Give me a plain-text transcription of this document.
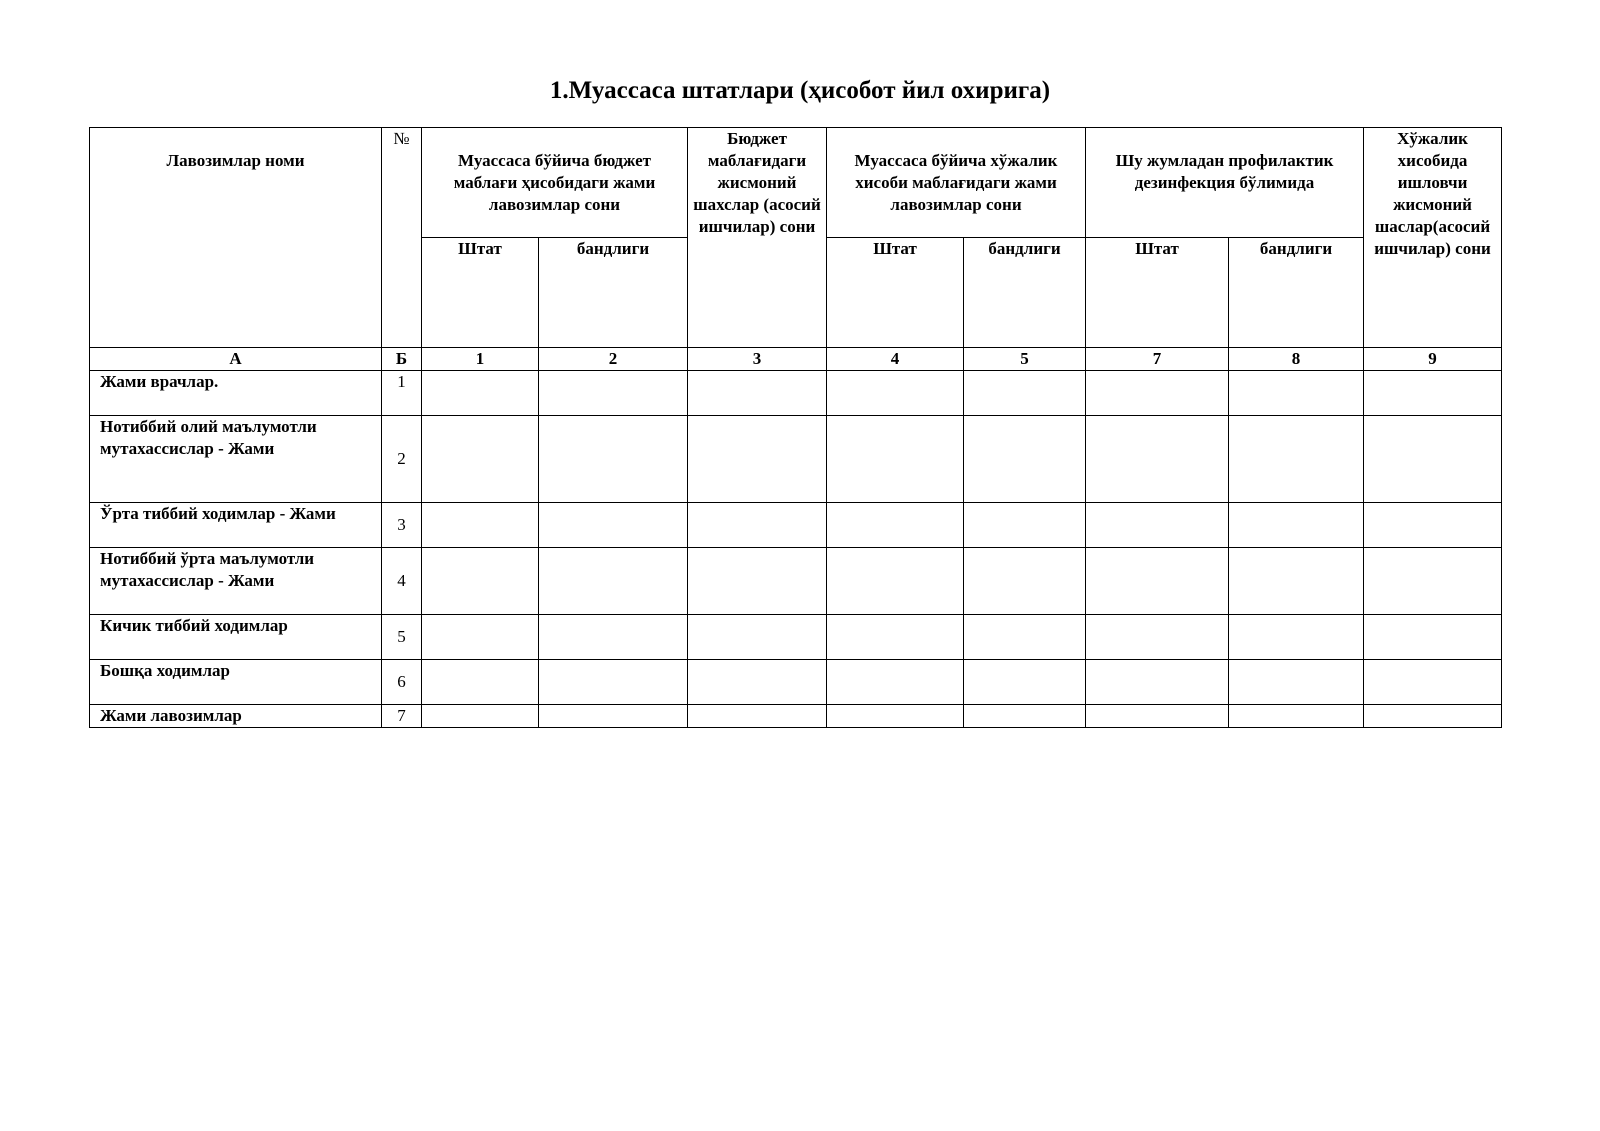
1.Муассаса штатлари (ҳисобот йил охирига)
Лавозимлар номи	№	Муассаса бўйича бюджет маблағи ҳисобидаги жами лавозимлар сони		Бюджет маблағидаги жисмоний шахслар (асосий ишчилар) сони	Муассаса бўйича хўжалик хисоби маблағидаги жами лавозимлар сони		Шу жумладан профилактик дезинфекция бўлимида		Хўжалик хисобида ишловчи жисмоний шаслар(асосий ишчилар) сони
		Штат	бандлиги		Штат	бандлиги	Штат	бандлиги	
А	Б	1	2	3	4	5	7	8	9
Жами врачлар.	1								
Нотиббий олий маълумотли мутахассислар - Жами	2								
Ўрта тиббий ходимлар - Жами	3								
Нотиббий ўрта маълумотли мутахассислар - Жами	4								
Кичик тиббий ходимлар	5								
Бошқа ходимлар	6								
Жами лавозимлар	7								
